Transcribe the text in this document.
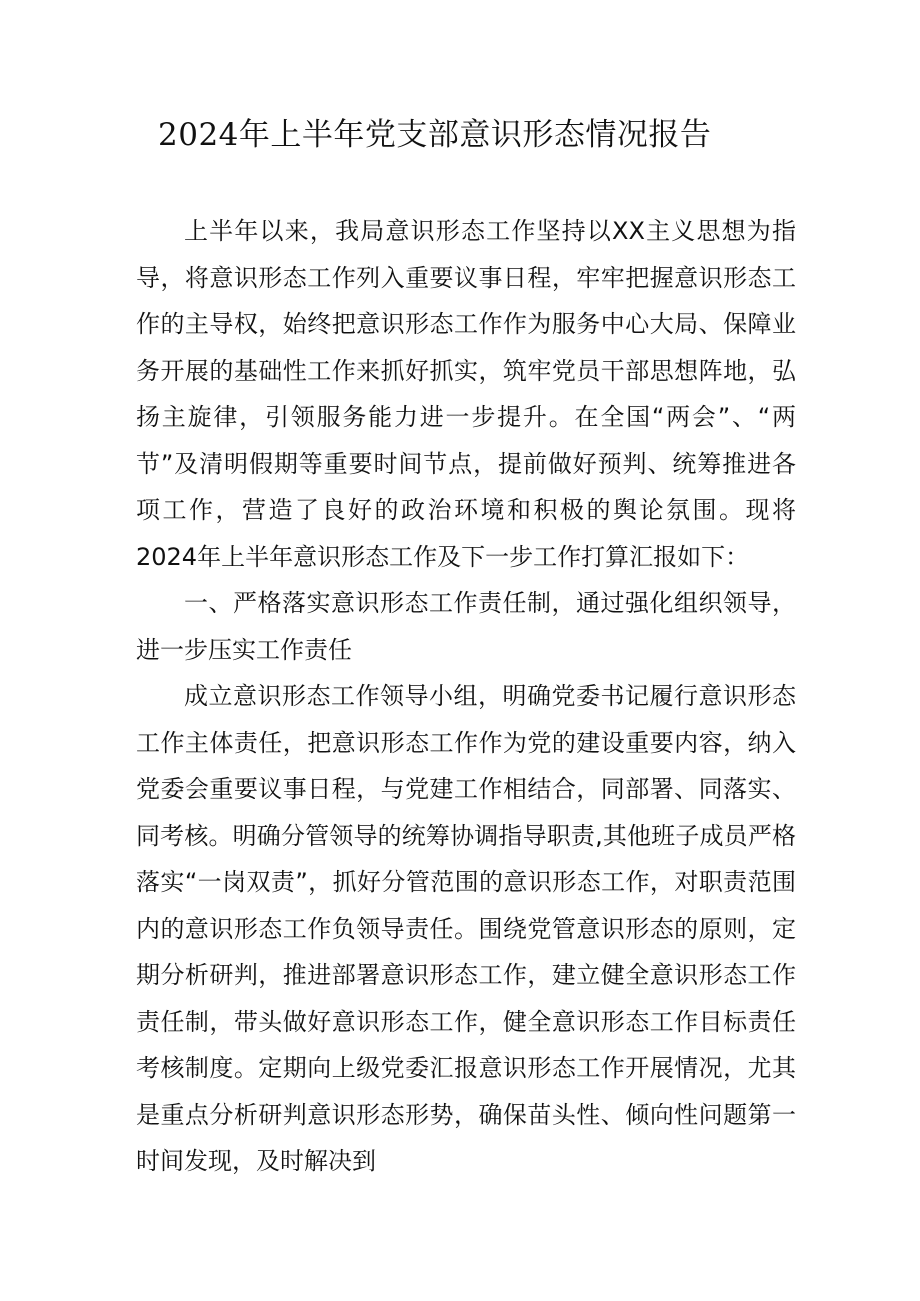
2024年上半年党支部意识形态情况报告

上半年以来，我局意识形态工作坚持以XX主义思想为指导，将意识形态工作列入重要议事日程，牢牢把握意识形态工作的主导权，始终把意识形态工作作为服务中心大局、保障业务开展的基础性工作来抓好抓实，筑牢党员干部思想阵地，弘扬主旋律，引领服务能力进一步提升。在全国“两会”、“两节”及清明假期等重要时间节点，提前做好预判、统筹推进各项工作，营造了良好的政治环境和积极的舆论氛围。现将2024年上半年意识形态工作及下一步工作打算汇报如下：

一、严格落实意识形态工作责任制，通过强化组织领导，进一步压实工作责任

成立意识形态工作领导小组，明确党委书记履行意识形态工作主体责任，把意识形态工作作为党的建设重要内容，纳入党委会重要议事日程，与党建工作相结合，同部署、同落实、同考核。明确分管领导的统筹协调指导职责,其他班子成员严格落实“一岗双责”，抓好分管范围的意识形态工作，对职责范围内的意识形态工作负领导责任。围绕党管意识形态的原则，定期分析研判，推进部署意识形态工作，建立健全意识形态工作责任制，带头做好意识形态工作，健全意识形态工作目标责任考核制度。定期向上级党委汇报意识形态工作开展情况，尤其是重点分析研判意识形态形势，确保苗头性、倾向性问题第一时间发现，及时解决到
